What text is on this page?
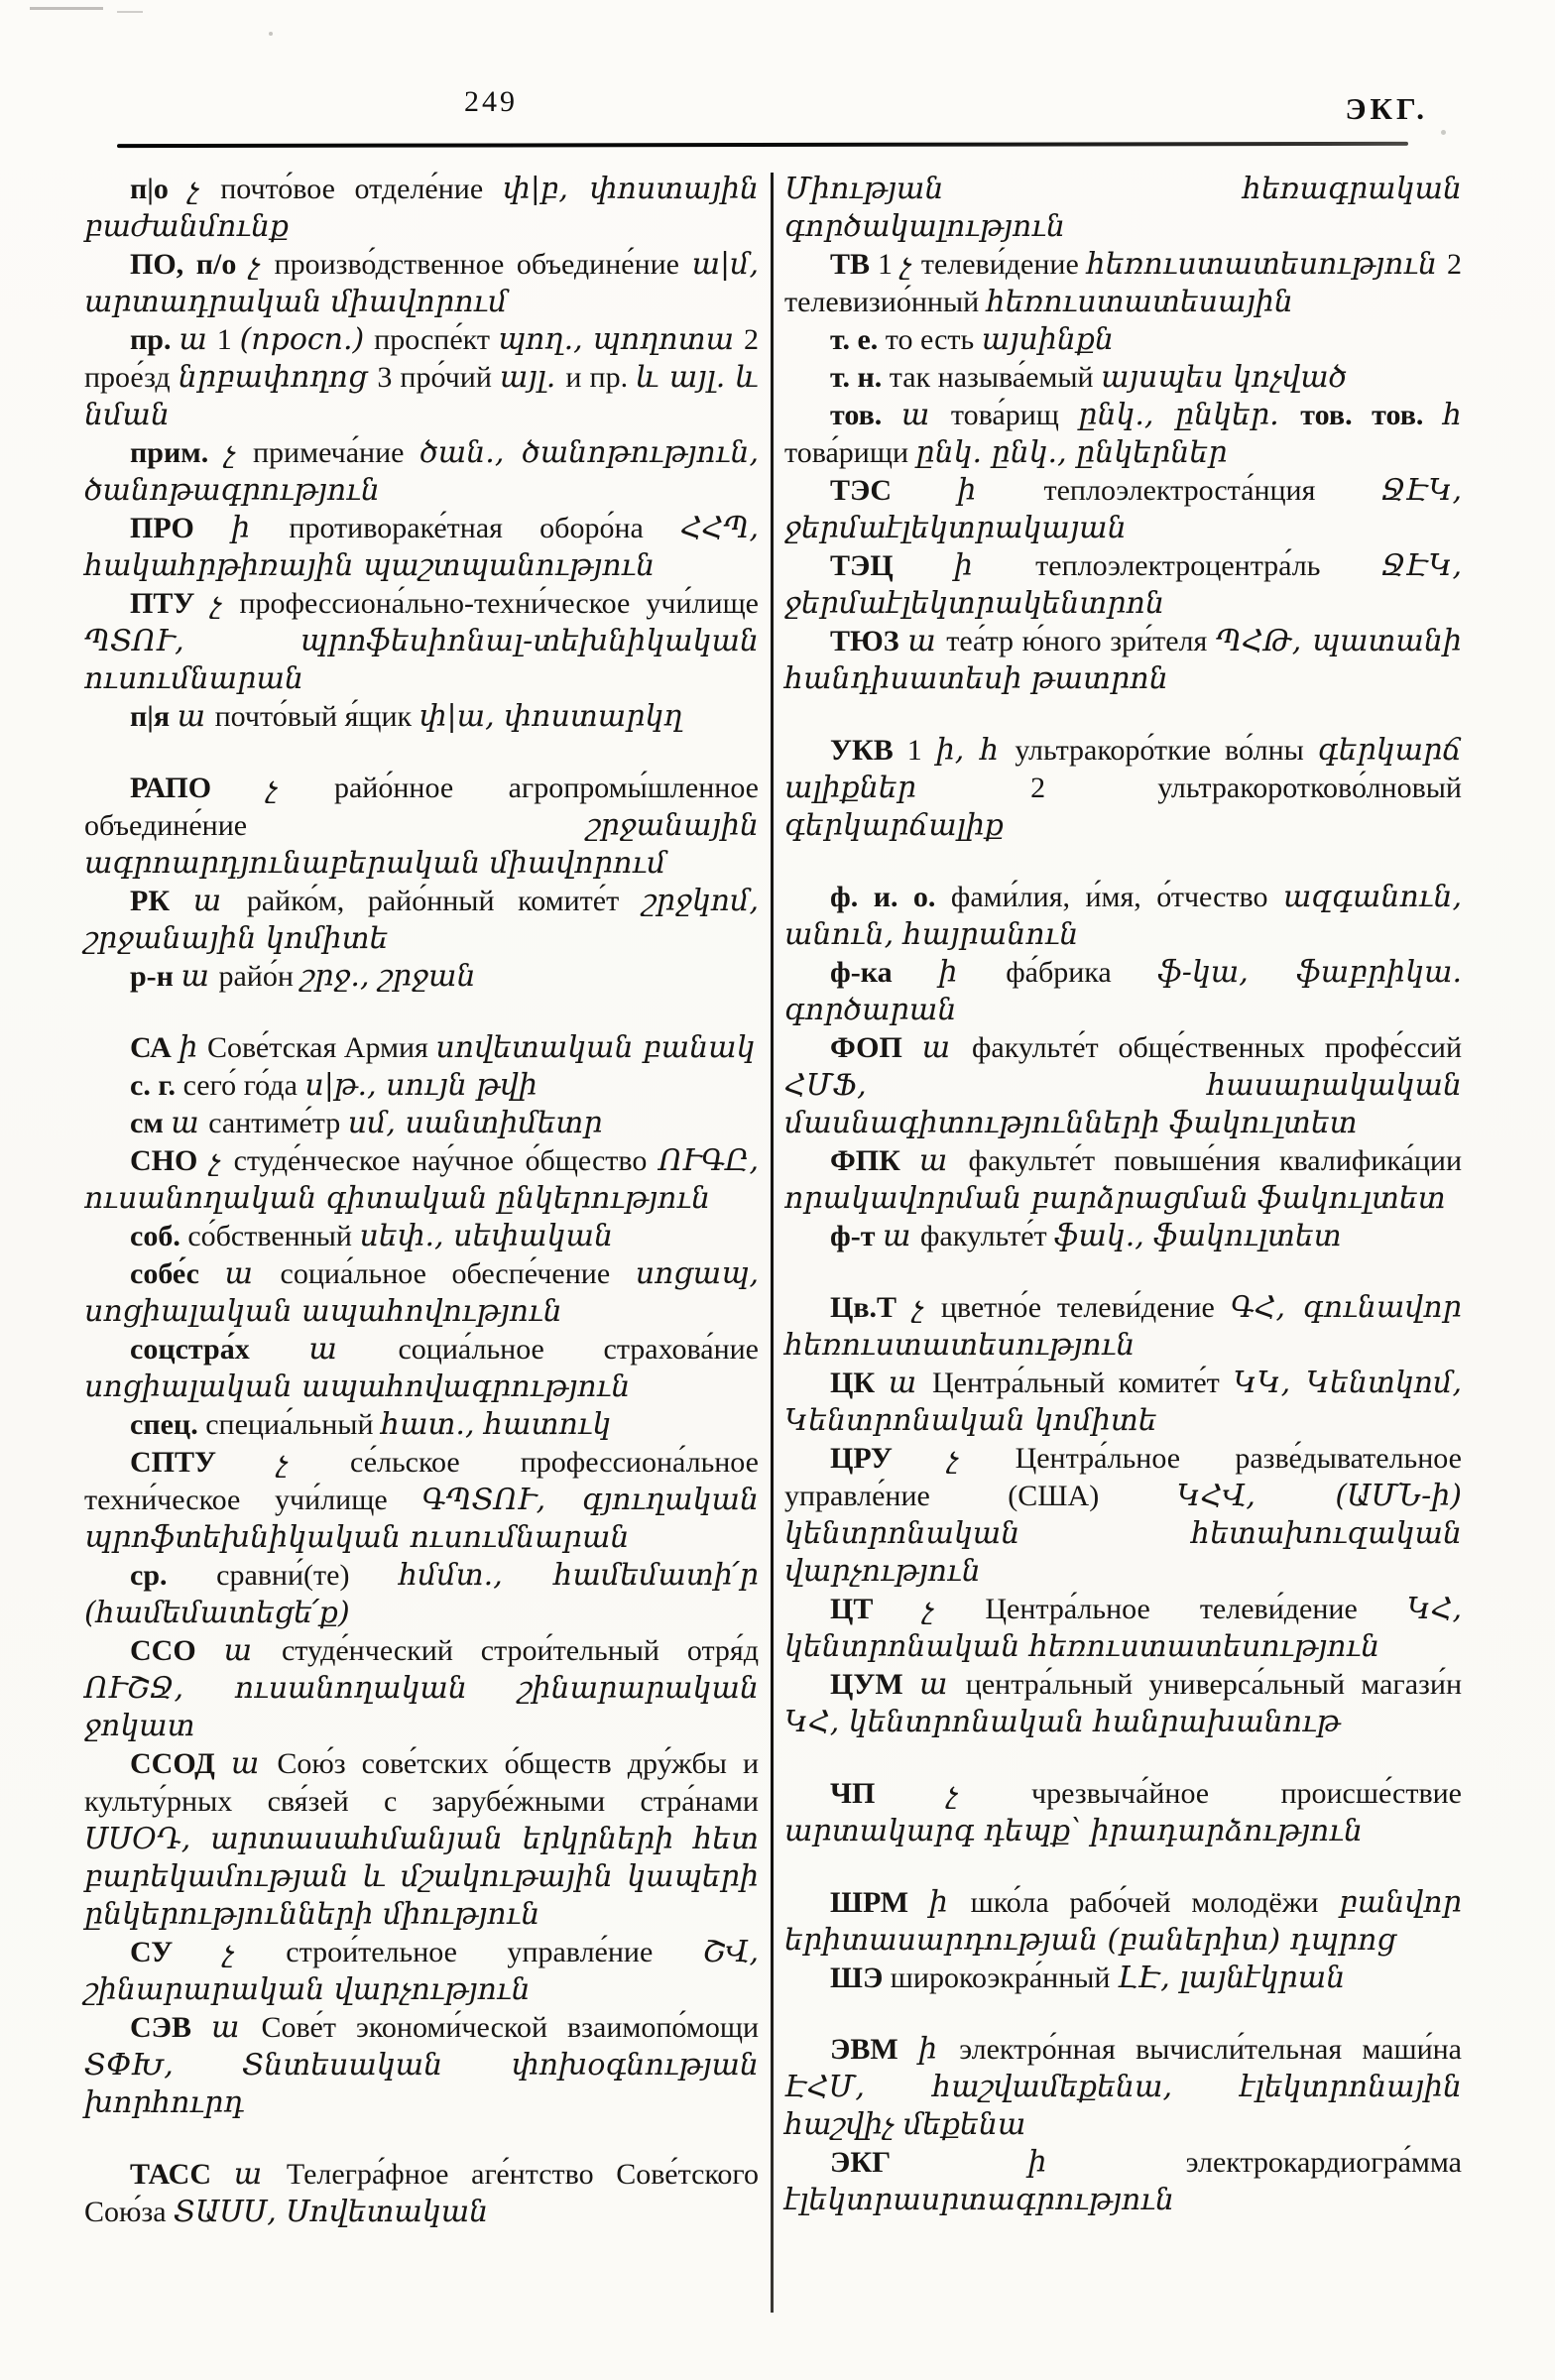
249	ЭКГ.

п|о չ почто́вое отделе́ние փ|բ, փոստային բաժանմունք

ПО, п/о չ произво́дственное объедине́ние ա|մ, արտադրական միավորում

пр. ա 1 (просп.) проспе́кт պող., պողոտա 2 прое́зд նրբափողոց 3 про́чий այլ. и пр. և այլ. և նման

прим. չ примеча́ние ծան., ծանոթություն, ծանոթագրություն

ПРО ի противораке́тная оборо́на ՀՀՊ, հակահրթիռային պաշտպանություն

ПТУ չ профессиона́льно-техни́ческое учи́лище ՊՏՈՒ, պրոֆեսիոնալ-տեխնիկական ուսումնարան

п|я ա почто́вый я́щик փ|ա, փոստարկղ

РАПО չ райо́нное агропромы́шленное объедине́ние շրջանային ագրոարդյունաբերական միավորում

РК ա райко́м, райо́нный комите́т շրջկոմ, շրջանային կոմիտե

р-н ա райо́н շրջ., շրջան

СА ի Сове́тская Армия սովետական բանակ

с. г. сего́ го́да ս|թ., սույն թվի

см ա сантиме́тр սմ, սանտիմետր

СНО չ студе́нческое нау́чное о́бщество ՈՒԳԸ, ուսանողական գիտական ընկերություն

соб. со́бственный սեփ., սեփական

собе́с ա социа́льное обеспе́чение սոցապ, սոցիալական ապահովություն

соцстра́х ա социа́льное страхова́ние սոցիալական ապահովագրություն

спец. специа́льный հատ., հատուկ

СПТУ չ се́льское профессиона́льное техни́ческое учи́лище ԳՊՏՈՒ, գյուղական պրոֆտեխնիկական ուսումնարան

ср. сравни́(те) հմմտ., համեմատի՛ր (համեմատեցե՛ք)

ССО ա студе́нческий строи́тельный отря́д ՈՒՇՋ, ուսանողական շինարարական ջոկատ

ССОД ա Сою́з сове́тских о́бществ дру́жбы и культу́рных свя́зей с зарубе́жными стра́нами ՍՍՕԴ, արտասահմանյան երկրների հետ բարեկամության և մշակութային կապերի ընկերությունների միություն

СУ չ строи́тельное управле́ние ՇՎ, շինարարական վարչություն

СЭВ ա Сове́т экономи́ческой взаимопо́мощи ՏՓԽ, Տնտեսական փոխօգնության խորհուրդ

ТАСС ա Телегра́фное аге́нтство Сове́тского Сою́за ՏԱՍՍ, Սովետական

Միության հեռագրական գործակալություն

ТВ 1 չ телеви́дение հեռուստատեսություն 2 телевизио́нный հեռուստատեսային

т. е. то есть այսինքն

т. н. так называ́емый այսպես կոչված

тов. ա това́рищ ընկ., ընկեր. тов. тов. հ това́рищи ընկ. ընկ., ընկերներ

ТЭС ի теплоэлектроста́нция ՋԷԿ, ջերմաէլեկտրակայան

ТЭЦ ի теплоэлектроцентра́ль ՋԷԿ, ջերմաէլեկտրակենտրոն

ТЮЗ ա теа́тр ю́ного зри́теля ՊՀԹ, պատանի հանդիսատեսի թատրոն

УКВ 1 ի, հ ультракоро́ткие во́лны գերկարճ ալիքներ 2 ультракоротково́лновый գերկարճալիք

ф. и. о. фами́лия, и́мя, о́тчество ազգանուն, անուն, հայրանուն

ф-ка ի фа́брика ֆ-կա, ֆաբրիկա. գործարան

ФОП ա факульте́т обще́ственных профе́ссий ՀՄՖ, հասարակական մասնագիտությունների ֆակուլտետ

ФПК ա факульте́т повыше́ния квалифика́ции որակավորման բարձրացման ֆակուլտետ

ф-т ա факульте́т ֆակ., ֆակուլտետ

Цв.Т չ цветно́е телеви́дение ԳՀ, գունավոր հեռուստատեսություն

ЦК ա Центра́льный комите́т ԿԿ, Կենտկոմ, Կենտրոնական կոմիտե

ЦРУ չ Центра́льное разве́дывательное управле́ние (США) ԿՀՎ, (ԱՄՆ-ի) կենտրոնական հետախուզական վարչություն

ЦТ չ Центра́льное телеви́дение ԿՀ, կենտրոնական հեռուստատեսություն

ЦУМ ա центра́льный универса́льный магази́н ԿՀ, կենտրոնական հանրախանութ

ЧП չ чрезвыча́йное происше́ствие արտակարգ դեպք՝ իրադարձություն

ШРМ ի шко́ла рабо́чей молодёжи բանվոր երիտասարդության (բաներիտ) դպրոց

ШЭ широкоэкра́нный ԼԷ, լայնէկրան

ЭВМ ի электро́нная вычисли́тельная маши́на ԷՀՄ, հաշվամեքենա, էլեկտրոնային հաշվիչ մեքենա

ЭКГ ի электрокардиогра́мма էլեկտրասրտագրություն
